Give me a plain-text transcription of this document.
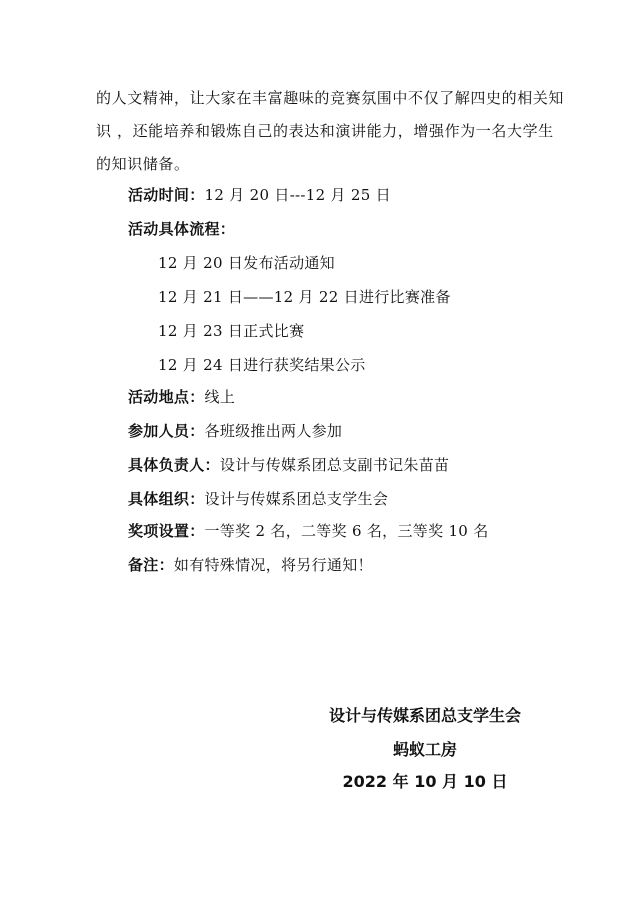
的人文精神，让大家在丰富趣味的竞赛氛围中不仅了解四史的相关知
识 ，还能培养和锻炼自己的表达和演讲能力，增强作为一名大学生
的知识储备。
活动时间：12 月 20 日---12 月 25 日
活动具体流程：
12 月 20 日发布活动通知
12 月 21 日——12 月 22 日进行比赛准备
12 月 23 日正式比赛
12 月 24 日进行获奖结果公示
活动地点：线上
参加人员：各班级推出两人参加
具体负责人：设计与传媒系团总支副书记朱苗苗
具体组织：设计与传媒系团总支学生会
奖项设置：一等奖 2 名，二等奖 6 名，三等奖 10 名
备注：如有特殊情况，将另行通知！
设计与传媒系团总支学生会
蚂蚁工房
2022 年 10 月 10 日
